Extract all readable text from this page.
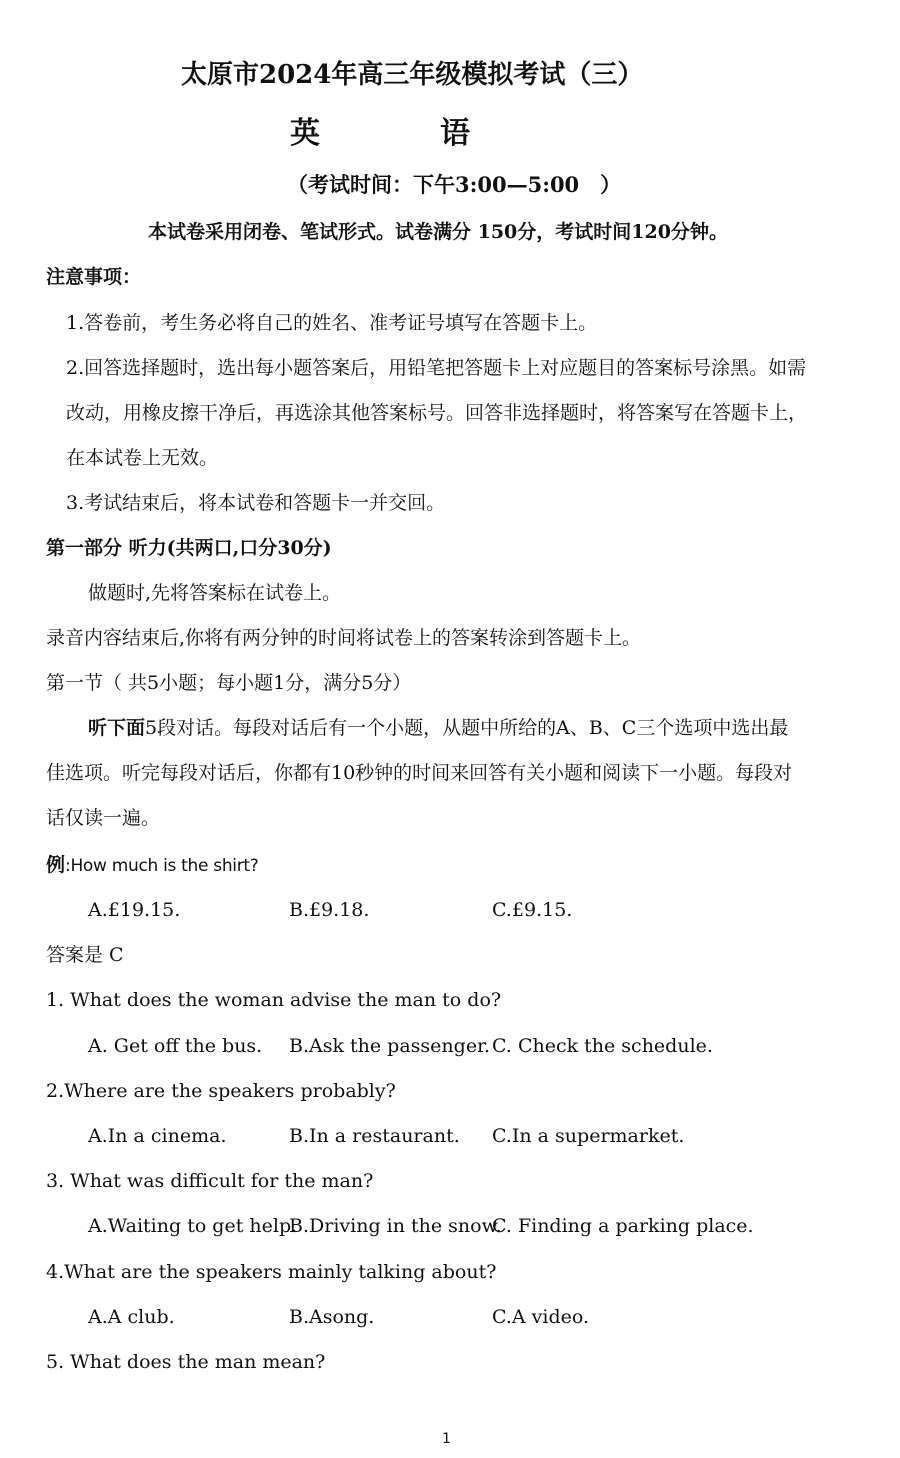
太原市2024年高三年级模拟考试（三）
英	语
（考试时间：下午3:00—5:00　）
本试卷采用闭卷、笔试形式。试卷满分 150分，考试时间120分钟。
注意事项：
1.答卷前，考生务必将自己的姓名、准考证号填写在答题卡上。
2.回答选择题时，选出每小题答案后，用铅笔把答题卡上对应题目的答案标号涂黑。如需
改动，用橡皮擦干净后，再选涂其他答案标号。回答非选择题时，将答案写在答题卡上，
在本试卷上无效。
3.考试结束后，将本试卷和答题卡一并交回。
第一部分 听力(共两口,口分30分)
做题时,先将答案标在试卷上。
录音内容结束后,你将有两分钟的时间将试卷上的答案转涂到答题卡上。
第一节（ 共5小题；每小题1分，满分5分）
听下面5段对话。每段对话后有一个小题，从题中所给的A、B、C三个选项中选出最
佳选项。听完每段对话后，你都有10秒钟的时间来回答有关小题和阅读下一小题。每段对
话仅读一遍。
例:How much is the shirt?
A.£19.15.	B.£9.18.	C.£9.15.
答案是 C
1. What does the woman advise the man to do?
A. Get off the bus. B.Ask the passenger. C. Check the schedule.
2.Where are the speakers probably?
A.In a cinema.	B.In a restaurant. C.In a supermarket.
3. What was difficult for the man?
A.Waiting to get help.
B.Driving in the snow.
C. Finding a parking place.
4.What are the speakers mainly talking about?
A.A club.	B.Asong.	C.A video.
5. What does the man mean?
1
